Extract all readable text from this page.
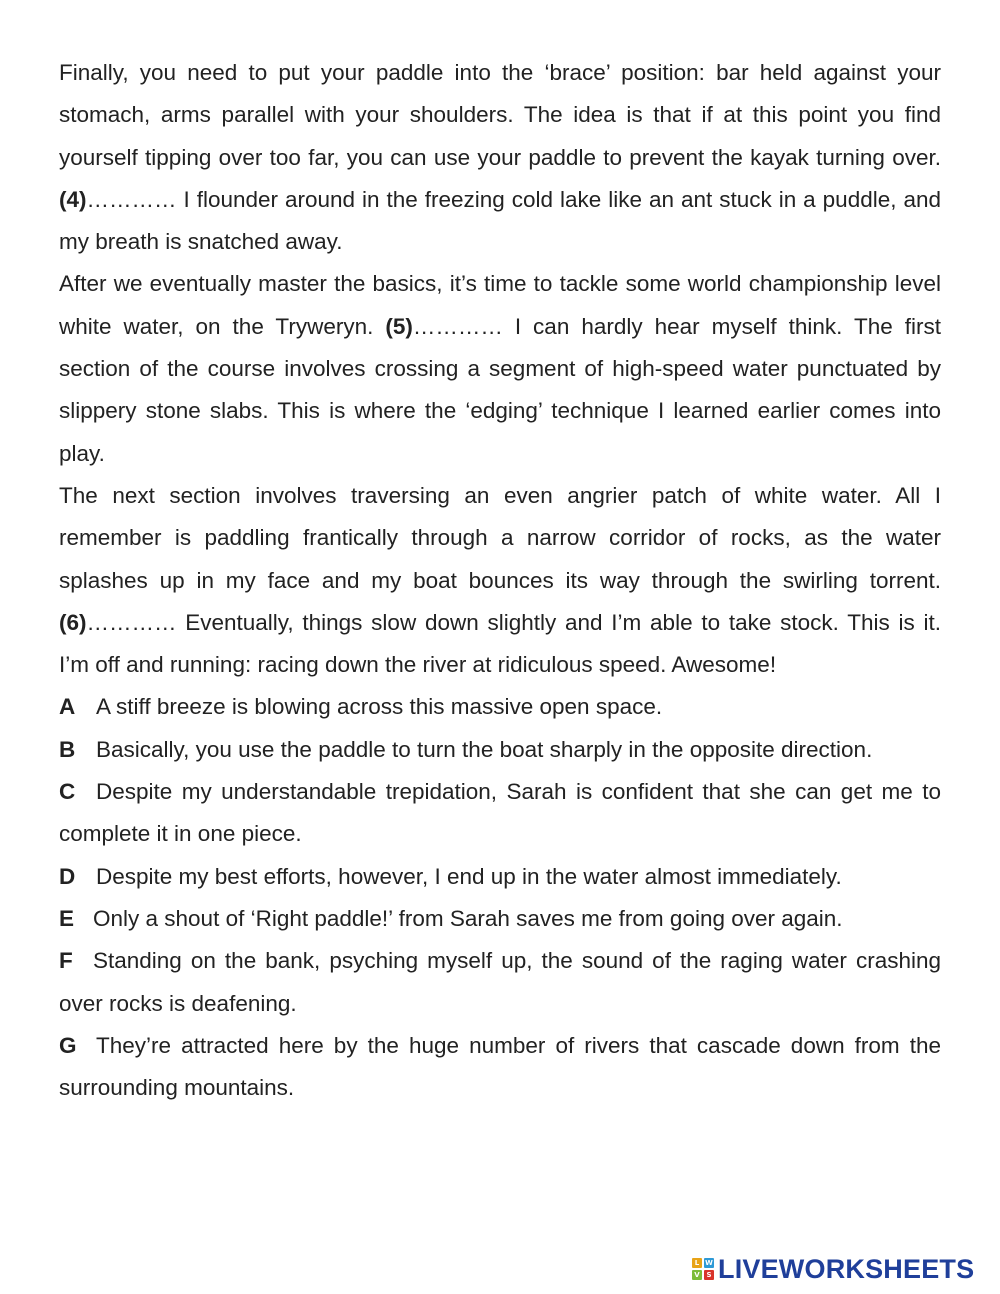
Finally, you need to put your paddle into the ‘brace’ position: bar held against your stomach, arms parallel with your shoulders. The idea is that if at this point you find yourself tipping over too far, you can use your paddle to prevent the kayak turning over. (4)………… I flounder around in the freezing cold lake like an ant stuck in a puddle, and my breath is snatched away.

After we eventually master the basics, it’s time to tackle some world championship level white water, on the Tryweryn. (5)………… I can hardly hear myself think. The first section of the course involves crossing a segment of high-speed water punctuated by slippery stone slabs. This is where the ‘edging’ technique I learned earlier comes into play.

The next section involves traversing an even angrier patch of white water. All I remember is paddling frantically through a narrow corridor of rocks, as the water splashes up in my face and my boat bounces its way through the swirling torrent. (6)………… Eventually, things slow down slightly and I’m able to take stock. This is it. I’m off and running: racing down the river at ridiculous speed. Awesome!

A A stiff breeze is blowing across this massive open space.

B Basically, you use the paddle to turn the boat sharply in the opposite direction.

C Despite my understandable trepidation, Sarah is confident that she can get me to complete it in one piece.

D Despite my best efforts, however, I end up in the water almost immediately.

E Only a shout of ‘Right paddle!’ from Sarah saves me from going over again.

F Standing on the bank, psyching myself up, the sound of the raging water crashing over rocks is deafening.

G They’re attracted here by the huge number of rivers that cascade down from the surrounding mountains.

L W
V S LIVEWORKSHEETS
